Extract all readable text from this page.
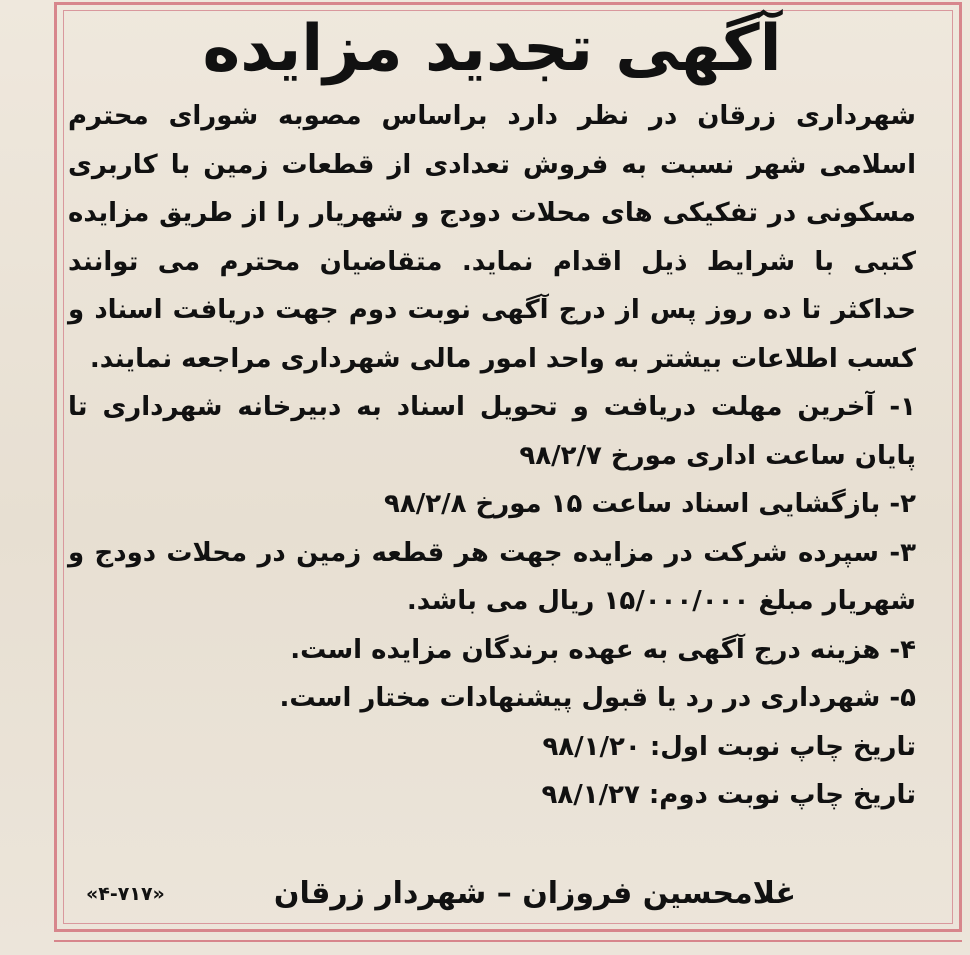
آگهی تجدید مزایده

شهرداری زرقان در نظر دارد براساس مصوبه شورای محترم اسلامی شهر نسبت به فروش تعدادی از قطعات زمین با کاربری مسکونی در تفکیکی های محلات دودج و شهریار را از طریق مزایده کتبی با شرایط ذیل اقدام نماید. متقاضیان محترم می توانند حداکثر تا ده روز پس از درج آگهی نوبت دوم جهت دریافت اسناد و کسب اطلاعات بیشتر به واحد امور مالی شهرداری مراجعه نمایند.

۱- آخرین مهلت دریافت و تحویل اسناد به دبیرخانه شهرداری تا پایان ساعت اداری مورخ ۹۸/۲/۷

۲- بازگشایی اسناد ساعت ۱۵ مورخ ۹۸/۲/۸

۳- سپرده شرکت در مزایده جهت هر قطعه زمین در محلات دودج و شهریار مبلغ ۱۵/۰۰۰/۰۰۰ ریال می باشد.

۴- هزینه درج آگهی به عهده برندگان مزایده است.

۵- شهرداری در رد یا قبول پیشنهادات مختار است.

تاریخ چاپ نوبت اول: ۹۸/۱/۲۰

تاریخ چاپ نوبت دوم: ۹۸/۱/۲۷

غلامحسین فروزان – شهردار زرقان
«۴-۷۱۷»
